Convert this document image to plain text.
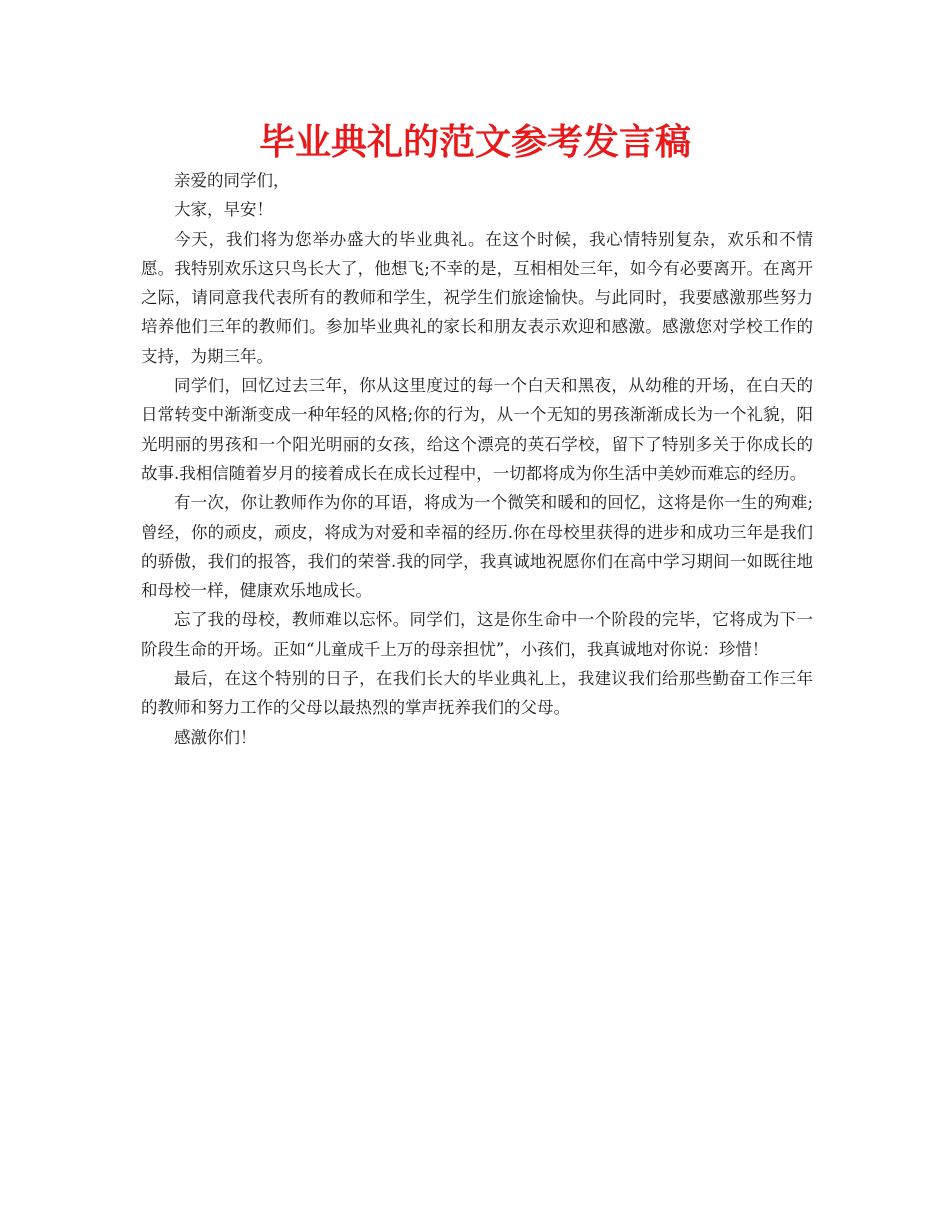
毕业典礼的范文参考发言稿

亲爱的同学们，

大家，早安！

今天，我们将为您举办盛大的毕业典礼。在这个时候，我心情特别复杂，欢乐和不情愿。我特别欢乐这只鸟长大了，他想飞;不幸的是，互相相处三年，如今有必要离开。在离开之际，请同意我代表所有的教师和学生，祝学生们旅途愉快。与此同时，我要感激那些努力培养他们三年的教师们。参加毕业典礼的家长和朋友表示欢迎和感激。感激您对学校工作的支持，为期三年。

同学们，回忆过去三年，你从这里度过的每一个白天和黑夜，从幼稚的开场，在白天的日常转变中渐渐变成一种年轻的风格;你的行为，从一个无知的男孩渐渐成长为一个礼貌，阳光明丽的男孩和一个阳光明丽的女孩，给这个漂亮的英石学校，留下了特别多关于你成长的故事.我相信随着岁月的接着成长在成长过程中，一切都将成为你生活中美妙而难忘的经历。

有一次，你让教师作为你的耳语，将成为一个微笑和暖和的回忆，这将是你一生的殉难;曾经，你的顽皮，顽皮，将成为对爱和幸福的经历.你在母校里获得的进步和成功三年是我们的骄傲，我们的报答，我们的荣誉.我的同学，我真诚地祝愿你们在高中学习期间一如既往地和母校一样，健康欢乐地成长。

忘了我的母校，教师难以忘怀。同学们，这是你生命中一个阶段的完毕，它将成为下一阶段生命的开场。正如“儿童成千上万的母亲担忧”，小孩们，我真诚地对你说：珍惜！

最后，在这个特别的日子，在我们长大的毕业典礼上，我建议我们给那些勤奋工作三年的教师和努力工作的父母以最热烈的掌声抚养我们的父母。

感激你们！
